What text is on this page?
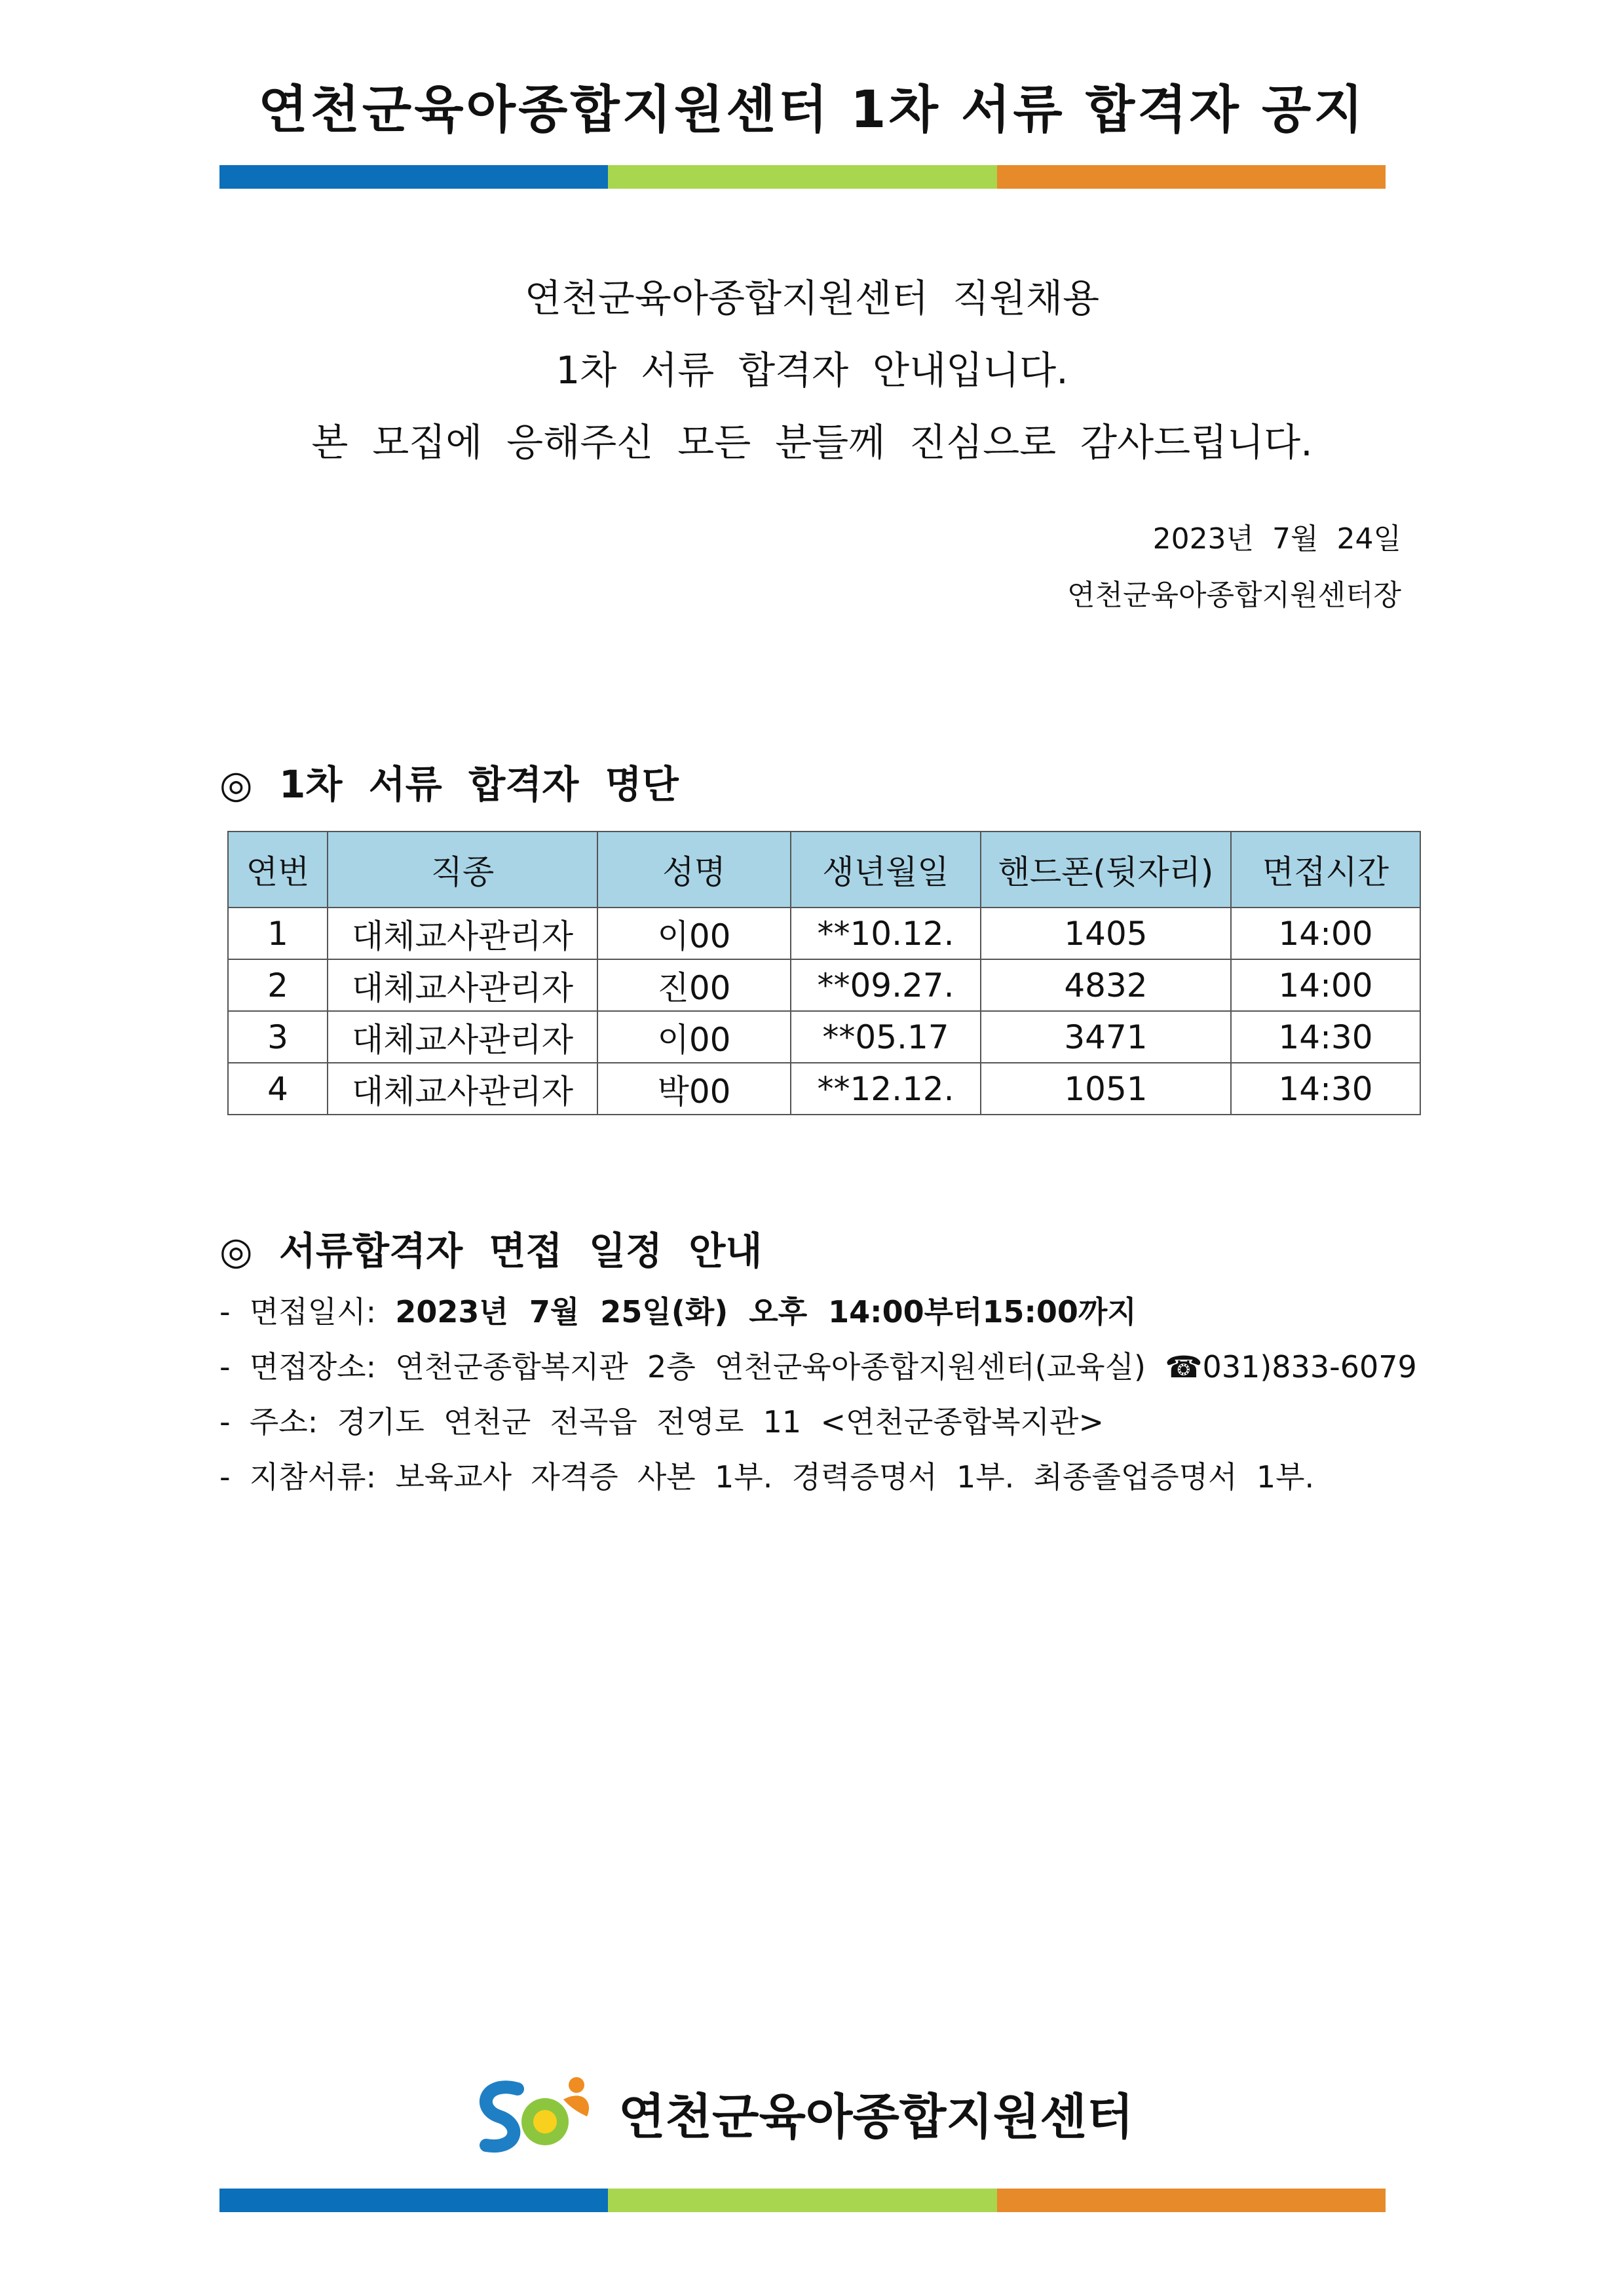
연천군육아종합지원센터 1차 서류 합격자 공지
연천군육아종합지원센터  직원채용
1차  서류  합격자  안내입니다.
본  모집에  응해주신  모든  분들께  진심으로  감사드립니다.
2023년  7월  24일
연천군육아종합지원센터장
◎  1차  서류  합격자  명단
연번	직종	성명	생년월일	핸드폰(뒷자리)	면접시간
1	대체교사관리자	이00	**10.12.	1405	14:00
2	대체교사관리자	진00	**09.27.	4832	14:00
3	대체교사관리자	이00	**05.17	3471	14:30
4	대체교사관리자	박00	**12.12.	1051	14:30
◎  서류합격자  면접  일정  안내
-  면접일시:  2023년  7월  25일(화)  오후  14:00부터15:00까지
-  면접장소:  연천군종합복지관  2층  연천군육아종합지원센터(교육실)  ☎031)833-6079
-  주소:  경기도  연천군  전곡읍  전영로  11  <연천군종합복지관>
-  지참서류:  보육교사  자격증  사본  1부.  경력증명서  1부.  최종졸업증명서  1부.
연천군육아종합지원센터
